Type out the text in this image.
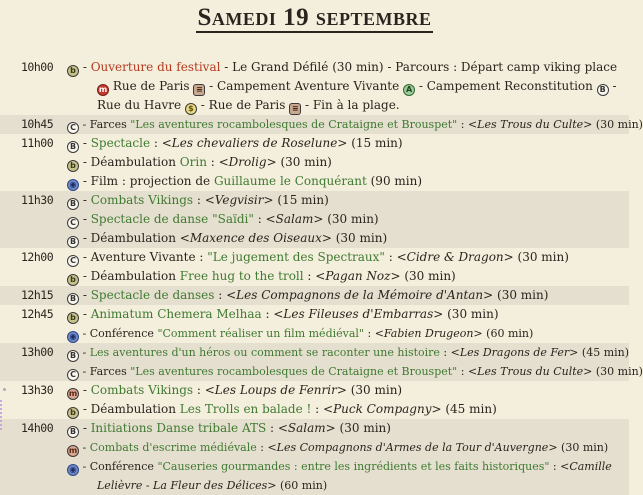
Samedi 19 septembre
10h00	b - Ouverture du festival - Le Grand Défilé (30 min) - Parcours : Départ camp viking place m Rue de Paris ≡ - Campement Aventure Vivante A - Campement Reconstitution B - Rue du Havre $ - Rue de Paris ≡ - Fin à la plage.
10h45	C - Farces "Les aventures rocambolesques de Crataigne et Brouspet" : <Les Trous du Culte> (30 min)
11h00	B - Spectacle : <Les chevaliers de Roselune> (15 min)
b - Déambulation Orin : <Drolig> (30 min)
◉ - Film : projection de Guillaume le Conquérant (90 min)
11h30	B - Combats Vikings : <Vegvisir> (15 min)
C - Spectacle de danse "Saïdi" : <Salam> (30 min)
B - Déambulation <Maxence des Oiseaux> (30 min)
12h00	C - Aventure Vivante : "Le jugement des Spectraux" : <Cidre & Dragon> (30 min)
b - Déambulation Free hug to the troll : <Pagan Noz> (30 min)
12h15	B - Spectacle de danses : <Les Compagnons de la Mémoire d'Antan> (30 min)
12h45	b - Animatum Chemera Melhaa : <Les Fileuses d'Embarras> (30 min)
◉ - Conférence "Comment réaliser un film médiéval" : <Fabien Drugeon> (60 min)
13h00	B - Les aventures d'un héros ou comment se raconter une histoire : <Les Dragons de Fer> (45 min)
C - Farces "Les aventures rocambolesques de Crataigne et Brouspet" : <Les Trous du Culte> (30 min)
13h30	m - Combats Vikings : <Les Loups de Fenrir> (30 min)
b - Déambulation Les Trolls en balade ! : <Puck Compagny> (45 min)
14h00	B - Initiations Danse tribale ATS : <Salam> (30 min)
m - Combats d'escrime médiévale : <Les Compagnons d'Armes de la Tour d'Auvergne> (30 min)
◉ - Conférence "Causeries gourmandes : entre les ingrédients et les faits historiques" : <Camille Lelièvre - La Fleur des Délices> (60 min)
